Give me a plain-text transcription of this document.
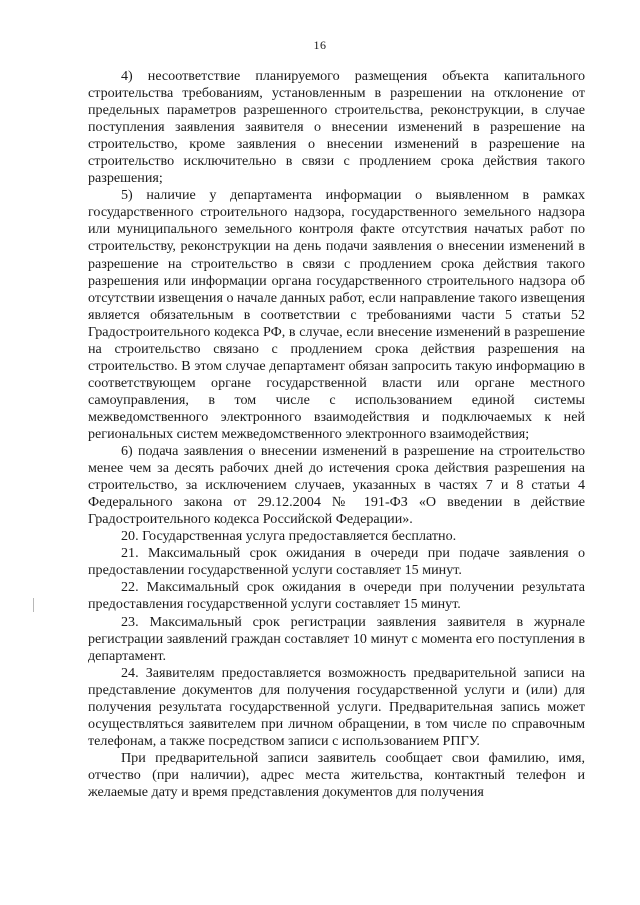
16

4) несоответствие планируемого размещения объекта капитального строительства требованиям, установленным в разрешении на отклонение от предельных параметров разрешенного строительства, реконструкции, в случае поступления заявления заявителя о внесении изменений в разрешение на строительство, кроме заявления о внесении изменений в разрешение на строительство исключительно в связи с продлением срока действия такого разрешения;

5) наличие у департамента информации о выявленном в рамках государственного строительного надзора, государственного земельного надзора или муниципального земельного контроля факте отсутствия начатых работ по строительству, реконструкции на день подачи заявления о внесении изменений в разрешение на строительство в связи с продлением срока действия такого разрешения или информации органа государственного строительного надзора об отсутствии извещения о начале данных работ, если направление такого извещения является обязательным в соответствии с требованиями части 5 статьи 52 Градостроительного кодекса РФ, в случае, если внесение изменений в разрешение на строительство связано с продлением срока действия разрешения на строительство. В этом случае департамент обязан запросить такую информацию в соответствующем органе государственной власти или органе местного самоуправления, в том числе с использованием единой системы межведомственного электронного взаимодействия и подключаемых к ней региональных систем межведомственного электронного взаимодействия;

6) подача заявления о внесении изменений в разрешение на строительство менее чем за десять рабочих дней до истечения срока действия разрешения на строительство, за исключением случаев, указанных в частях 7 и 8 статьи 4 Федерального закона от 29.12.2004 № 191-ФЗ «О введении в действие Градостроительного кодекса Российской Федерации».

20. Государственная услуга предоставляется бесплатно.

21. Максимальный срок ожидания в очереди при подаче заявления о предоставлении государственной услуги составляет 15 минут.

22. Максимальный срок ожидания в очереди при получении результата предоставления государственной услуги составляет 15 минут.

23. Максимальный срок регистрации заявления заявителя в журнале регистрации заявлений граждан составляет 10 минут с момента его поступления в департамент.

24. Заявителям предоставляется возможность предварительной записи на представление документов для получения государственной услуги и (или) для получения результата государственной услуги. Предварительная запись может осуществляться заявителем при личном обращении, в том числе по справочным телефонам, а также посредством записи с использованием РПГУ.

При предварительной записи заявитель сообщает свои фамилию, имя, отчество (при наличии), адрес места жительства, контактный телефон и желаемые дату и время представления документов для получения
